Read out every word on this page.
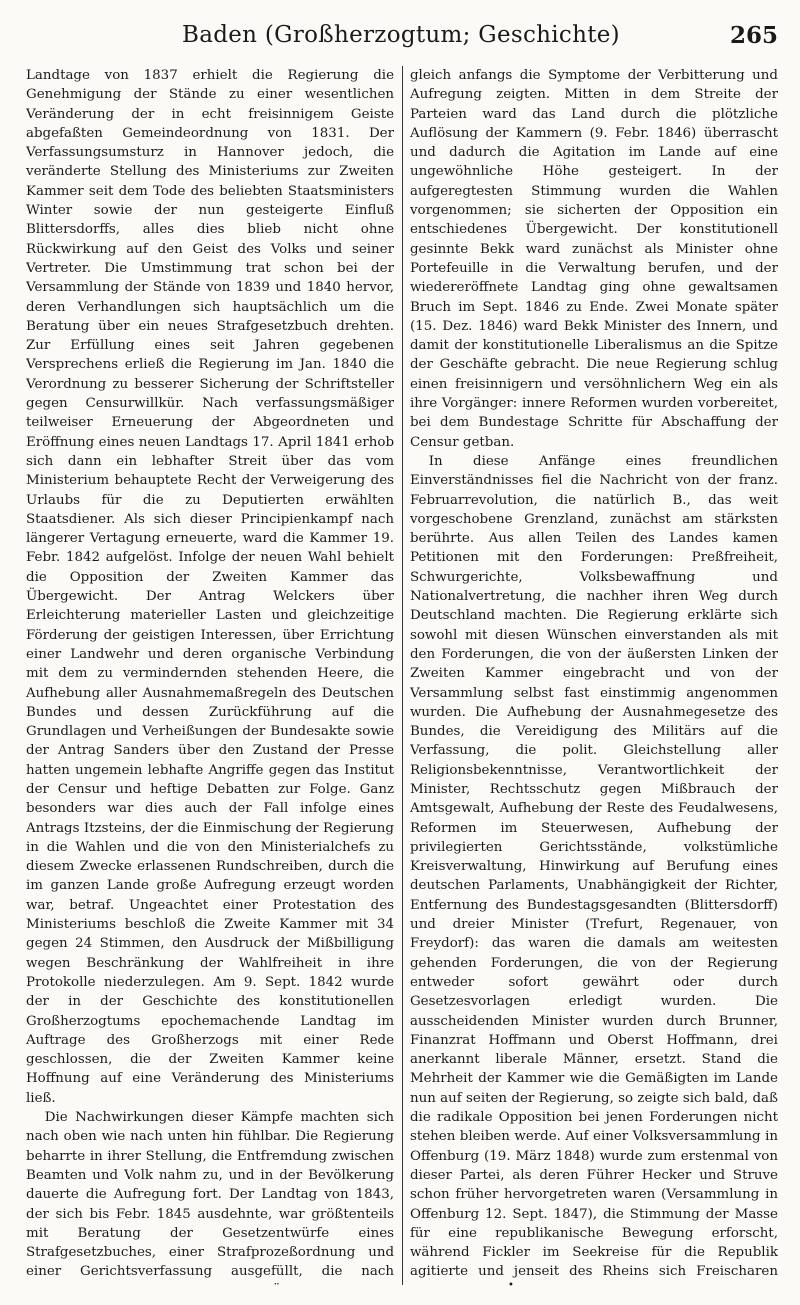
Baden (Großherzogtum; Geschichte)	265

Landtage von 1837 erhielt die Regierung die Genehmigung der Stände zu einer wesentlichen Veränderung der in echt freisinnigem Geiste abgefaßten Gemeindeordnung von 1831. Der Verfassungsumsturz in Hannover jedoch, die veränderte Stellung des Ministeriums zur Zweiten Kammer seit dem Tode des beliebten Staatsministers Winter sowie der nun gesteigerte Einfluß Blittersdorffs, alles dies blieb nicht ohne Rückwirkung auf den Geist des Volks und seiner Vertreter. Die Umstimmung trat schon bei der Versammlung der Stände von 1839 und 1840 hervor, deren Verhandlungen sich hauptsächlich um die Beratung über ein neues Strafgesetzbuch drehten. Zur Erfüllung eines seit Jahren gegebenen Versprechens erließ die Regierung im Jan. 1840 die Verordnung zu besserer Sicherung der Schriftsteller gegen Censurwillkür. Nach verfassungsmäßiger teilweiser Erneuerung der Abgeordneten und Eröffnung eines neuen Landtags 17. April 1841 erhob sich dann ein lebhafter Streit über das vom Ministerium behauptete Recht der Verweigerung des Urlaubs für die zu Deputierten erwählten Staatsdiener. Als sich dieser Principienkampf nach längerer Vertagung erneuerte, ward die Kammer 19. Febr. 1842 aufgelöst. Infolge der neuen Wahl behielt die Opposition der Zweiten Kammer das Übergewicht. Der Antrag Welckers über Erleichterung materieller Lasten und gleichzeitige Förderung der geistigen Interessen, über Errichtung einer Landwehr und deren organische Verbindung mit dem zu vermindernden stehenden Heere, die Aufhebung aller Ausnahmemaßregeln des Deutschen Bundes und dessen Zurückführung auf die Grundlagen und Verheißungen der Bundesakte sowie der Antrag Sanders über den Zustand der Presse hatten ungemein lebhafte Angriffe gegen das Institut der Censur und heftige Debatten zur Folge. Ganz besonders war dies auch der Fall infolge eines Antrags Itzsteins, der die Einmischung der Regierung in die Wahlen und die von den Ministerialchefs zu diesem Zwecke erlassenen Rundschreiben, durch die im ganzen Lande große Aufregung erzeugt worden war, betraf. Ungeachtet einer Protestation des Ministeriums beschloß die Zweite Kammer mit 34 gegen 24 Stimmen, den Ausdruck der Mißbilligung wegen Beschränkung der Wahlfreiheit in ihre Protokolle niederzulegen. Am 9. Sept. 1842 wurde der in der Geschichte des konstitutionellen Großherzogtums epochemachende Landtag im Auftrage des Großherzogs mit einer Rede geschlossen, die der Zweiten Kammer keine Hoffnung auf eine Veränderung des Ministeriums ließ.

Die Nachwirkungen dieser Kämpfe machten sich nach oben wie nach unten hin fühlbar. Die Regierung beharrte in ihrer Stellung, die Entfremdung zwischen Beamten und Volk nahm zu, und in der Bevölkerung dauerte die Aufregung fort. Der Landtag von 1843, der sich bis Febr. 1845 ausdehnte, war größtenteils mit Beratung der Gesetzentwürfe eines Strafgesetzbuches, einer Strafprozeßordnung und einer Gerichtsverfassung ausgefüllt, die nach

gleich anfangs die Symptome der Verbitterung und Aufregung zeigten. Mitten in dem Streite der Parteien ward das Land durch die plötzliche Auflösung der Kammern (9. Febr. 1846) überrascht und dadurch die Agitation im Lande auf eine ungewöhnliche Höhe gesteigert. In der aufgeregtesten Stimmung wurden die Wahlen vorgenommen; sie sicherten der Opposition ein entschiedenes Übergewicht. Der konstitutionell gesinnte Bekk ward zunächst als Minister ohne Portefeuille in die Verwaltung berufen, und der wiedereröffnete Landtag ging ohne gewaltsamen Bruch im Sept. 1846 zu Ende. Zwei Monate später (15. Dez. 1846) ward Bekk Minister des Innern, und damit der konstitutionelle Liberalismus an die Spitze der Geschäfte gebracht. Die neue Regierung schlug einen freisinnigern und versöhnlichern Weg ein als ihre Vorgänger: innere Reformen wurden vorbereitet, bei dem Bundestage Schritte für Abschaffung der Censur getban.

In diese Anfänge eines freundlichen Einverständnisses fiel die Nachricht von der franz. Februarrevolution, die natürlich B., das weit vorgeschobene Grenzland, zunächst am stärksten berührte. Aus allen Teilen des Landes kamen Petitionen mit den Forderungen: Preßfreiheit, Schwurgerichte, Volksbewaffnung und Nationalvertretung, die nachher ihren Weg durch Deutschland machten. Die Regierung erklärte sich sowohl mit diesen Wünschen einverstanden als mit den Forderungen, die von der äußersten Linken der Zweiten Kammer eingebracht und von der Versammlung selbst fast einstimmig angenommen wurden. Die Aufhebung der Ausnahmegesetze des Bundes, die Vereidigung des Militärs auf die Verfassung, die polit. Gleichstellung aller Religionsbekenntnisse, Verantwortlichkeit der Minister, Rechtsschutz gegen Mißbrauch der Amtsgewalt, Aufhebung der Reste des Feudalwesens, Reformen im Steuerwesen, Aufhebung der privilegierten Gerichtsstände, volkstümliche Kreisverwaltung, Hinwirkung auf Berufung eines deutschen Parlaments, Unabhängigkeit der Richter, Entfernung des Bundestagsgesandten (Blittersdorff) und dreier Minister (Trefurt, Regenauer, von Freydorf): das waren die damals am weitesten gehenden Forderungen, die von der Regierung entweder sofort gewährt oder durch Gesetzesvorlagen erledigt wurden. Die ausscheidenden Minister wurden durch Brunner, Finanzrat Hoffmann und Oberst Hoffmann, drei anerkannt liberale Männer, ersetzt. Stand die Mehrheit der Kammer wie die Gemäßigten im Lande nun auf seiten der Regierung, so zeigte sich bald, daß die radikale Opposition bei jenen Forderungen nicht stehen bleiben werde. Auf einer Volksversammlung in Offenburg (19. März 1848) wurde zum erstenmal von dieser Partei, als deren Führer Hecker und Struve schon früher hervorgetreten waren (Versammlung in Offenburg 12. Sept. 1847), die Stimmung der Masse für eine republikanische Bewegung erforscht, während Fickler im Seekreise für die Republik agitierte und jenseit des Rheins sich Freischaren

•
